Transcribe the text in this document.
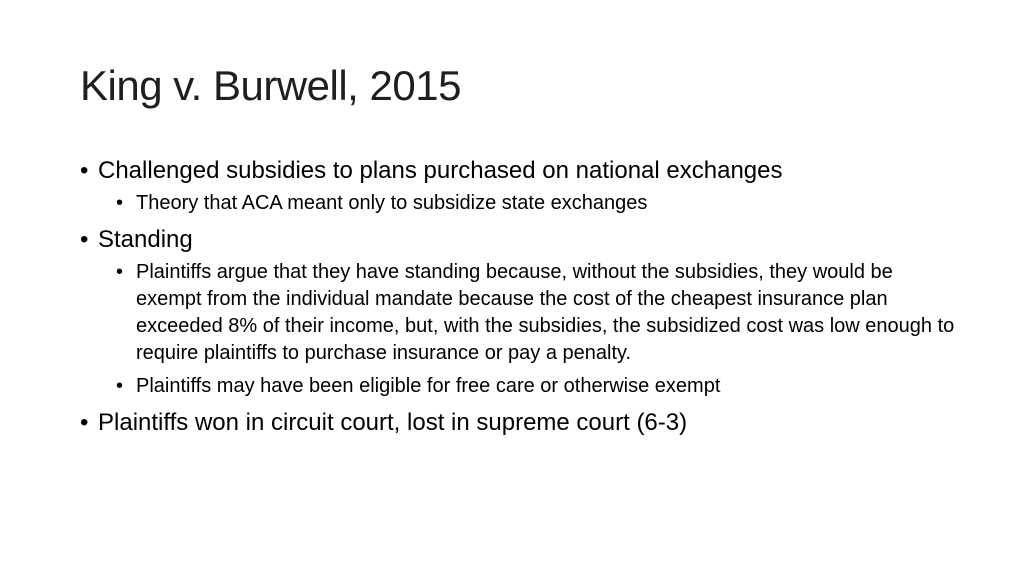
King v. Burwell, 2015
• Challenged subsidies to plans purchased on national exchanges
• Theory that ACA meant only to subsidize state exchanges
• Standing
• Plaintiffs argue that they have standing because, without the subsidies, they would be exempt from the individual mandate because the cost of the cheapest insurance plan exceeded 8% of their income, but, with the subsidies, the subsidized cost was low enough to require plaintiffs to purchase insurance or pay a penalty.
• Plaintiffs may have been eligible for free care or otherwise exempt
• Plaintiffs won in circuit court, lost in supreme court (6-3)
